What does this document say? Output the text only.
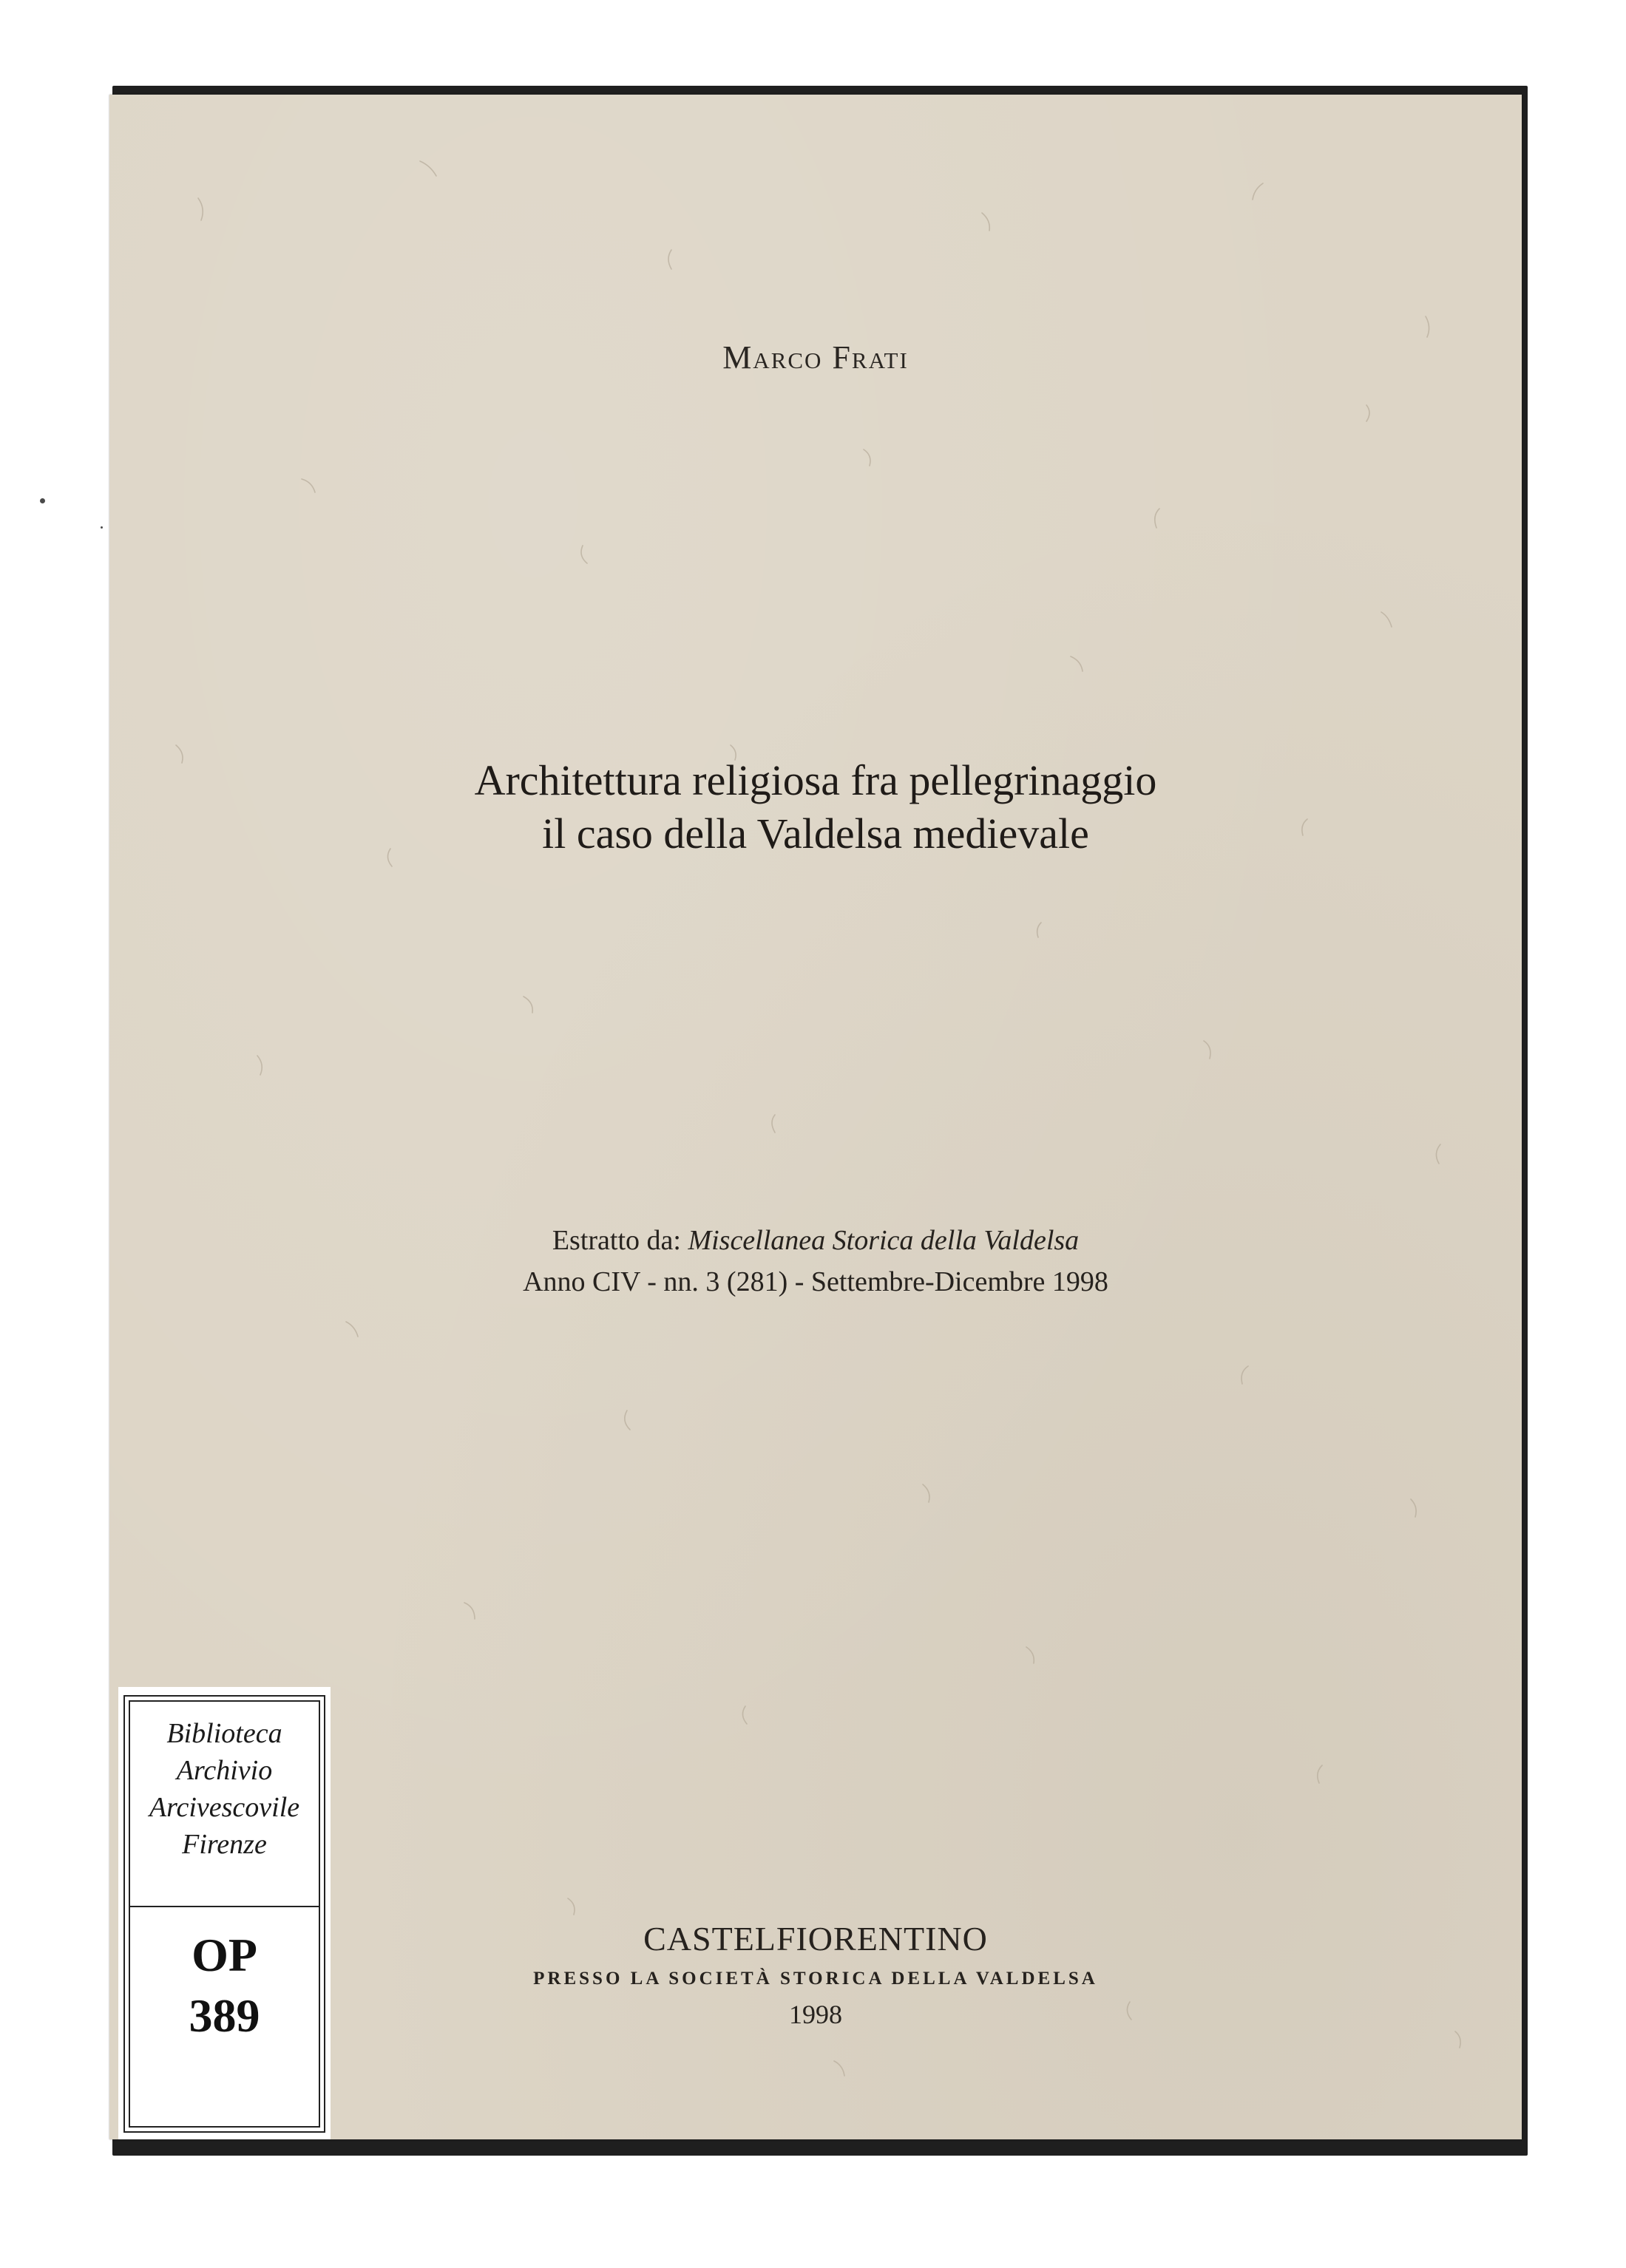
Marco Frati
Architettura religiosa fra pellegrinaggio
il caso della Valdelsa medievale
Estratto da: Miscellanea Storica della Valdelsa
Anno CIV - nn. 3 (281) - Settembre-Dicembre 1998
CASTELFIORENTINO
PRESSO LA SOCIETÀ STORICA DELLA VALDELSA
1998
Biblioteca
Archivio
Arcivescovile
Firenze
OP
389
